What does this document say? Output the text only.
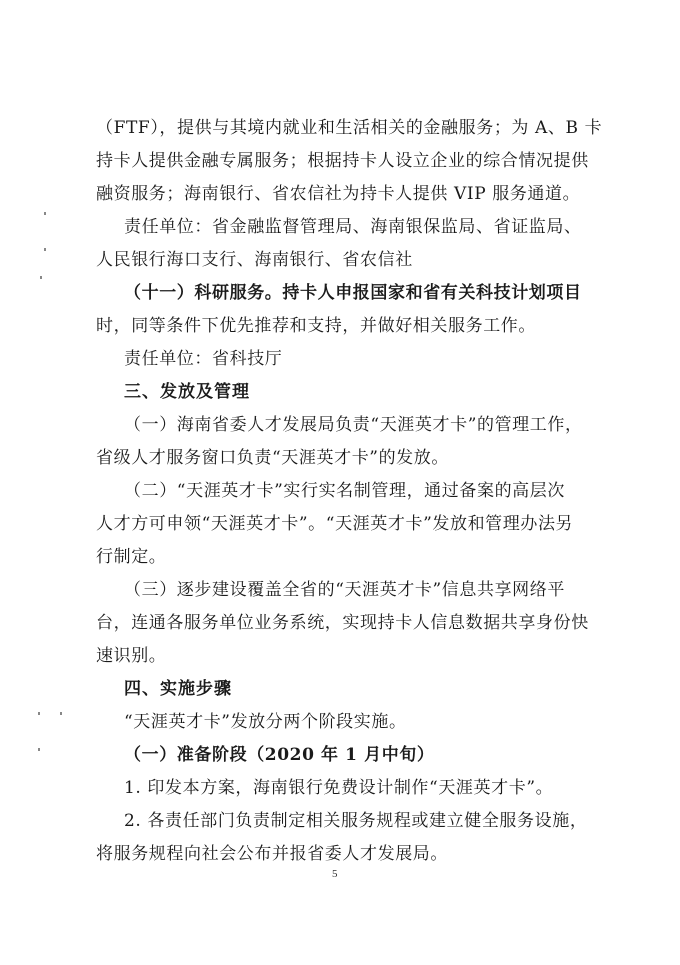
（FTF），提供与其境内就业和生活相关的金融服务；为 A、B 卡
持卡人提供金融专属服务；根据持卡人设立企业的综合情况提供
融资服务；海南银行、省农信社为持卡人提供 VIP 服务通道。
责任单位：省金融监督管理局、海南银保监局、省证监局、
人民银行海口支行、海南银行、省农信社
（十一）科研服务。持卡人申报国家和省有关科技计划项目
时，同等条件下优先推荐和支持，并做好相关服务工作。
责任单位：省科技厅
三、发放及管理
（一）海南省委人才发展局负责“天涯英才卡”的管理工作，
省级人才服务窗口负责“天涯英才卡”的发放。
（二）“天涯英才卡”实行实名制管理，通过备案的高层次
人才方可申领“天涯英才卡”。“天涯英才卡”发放和管理办法另
行制定。
（三）逐步建设覆盖全省的“天涯英才卡”信息共享网络平
台，连通各服务单位业务系统，实现持卡人信息数据共享身份快
速识别。
四、实施步骤
“天涯英才卡”发放分两个阶段实施。
（一）准备阶段（2020 年 1 月中旬）
1. 印发本方案，海南银行免费设计制作“天涯英才卡”。
2. 各责任部门负责制定相关服务规程或建立健全服务设施，
将服务规程向社会公布并报省委人才发展局。
5
